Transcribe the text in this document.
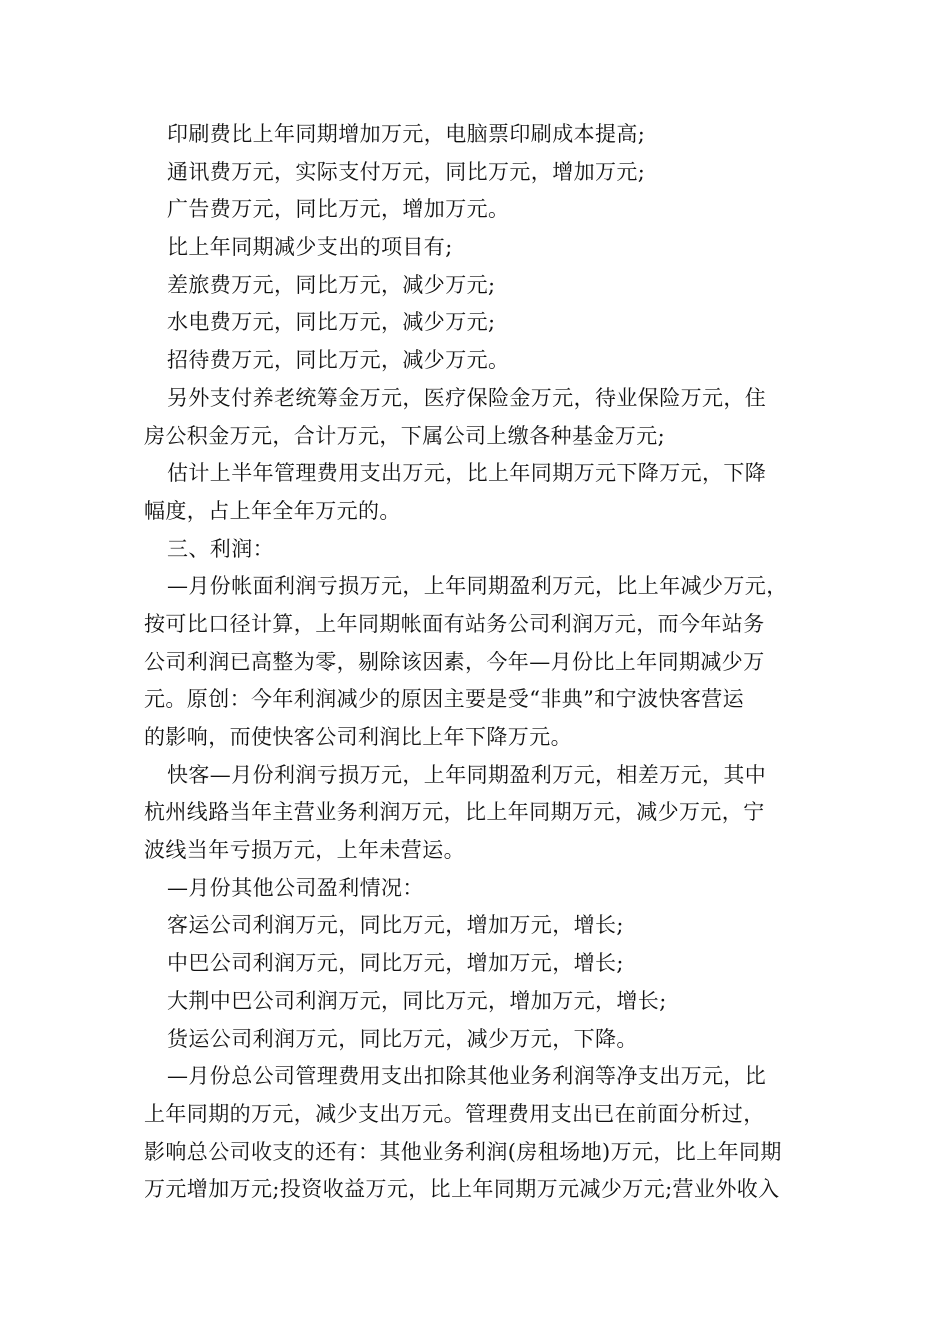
印刷费比上年同期增加万元，电脑票印刷成本提高;
通讯费万元，实际支付万元，同比万元，增加万元;
广告费万元，同比万元，增加万元。
比上年同期减少支出的项目有;
差旅费万元，同比万元，减少万元;
水电费万元，同比万元，减少万元;
招待费万元，同比万元，减少万元。
另外支付养老统筹金万元，医疗保险金万元，待业保险万元，住
房公积金万元，合计万元，下属公司上缴各种基金万元;
估计上半年管理费用支出万元，比上年同期万元下降万元，下降
幅度，占上年全年万元的。
三、利润：
—月份帐面利润亏损万元，上年同期盈利万元，比上年减少万元，
按可比口径计算，上年同期帐面有站务公司利润万元，而今年站务
公司利润已高整为零，剔除该因素，今年—月份比上年同期减少万
元。原创：今年利润减少的原因主要是受“非典”和宁波快客营运
的影响，而使快客公司利润比上年下降万元。
快客—月份利润亏损万元，上年同期盈利万元，相差万元，其中
杭州线路当年主营业务利润万元，比上年同期万元，减少万元，宁
波线当年亏损万元，上年未营运。
—月份其他公司盈利情况：
客运公司利润万元，同比万元，增加万元，增长;
中巴公司利润万元，同比万元，增加万元，增长;
大荆中巴公司利润万元，同比万元，增加万元，增长;
货运公司利润万元，同比万元，减少万元，下降。
—月份总公司管理费用支出扣除其他业务利润等净支出万元，比
上年同期的万元，减少支出万元。管理费用支出已在前面分析过，
影响总公司收支的还有：其他业务利润(房租场地)万元，比上年同期
万元增加万元;投资收益万元，比上年同期万元减少万元;营业外收入
